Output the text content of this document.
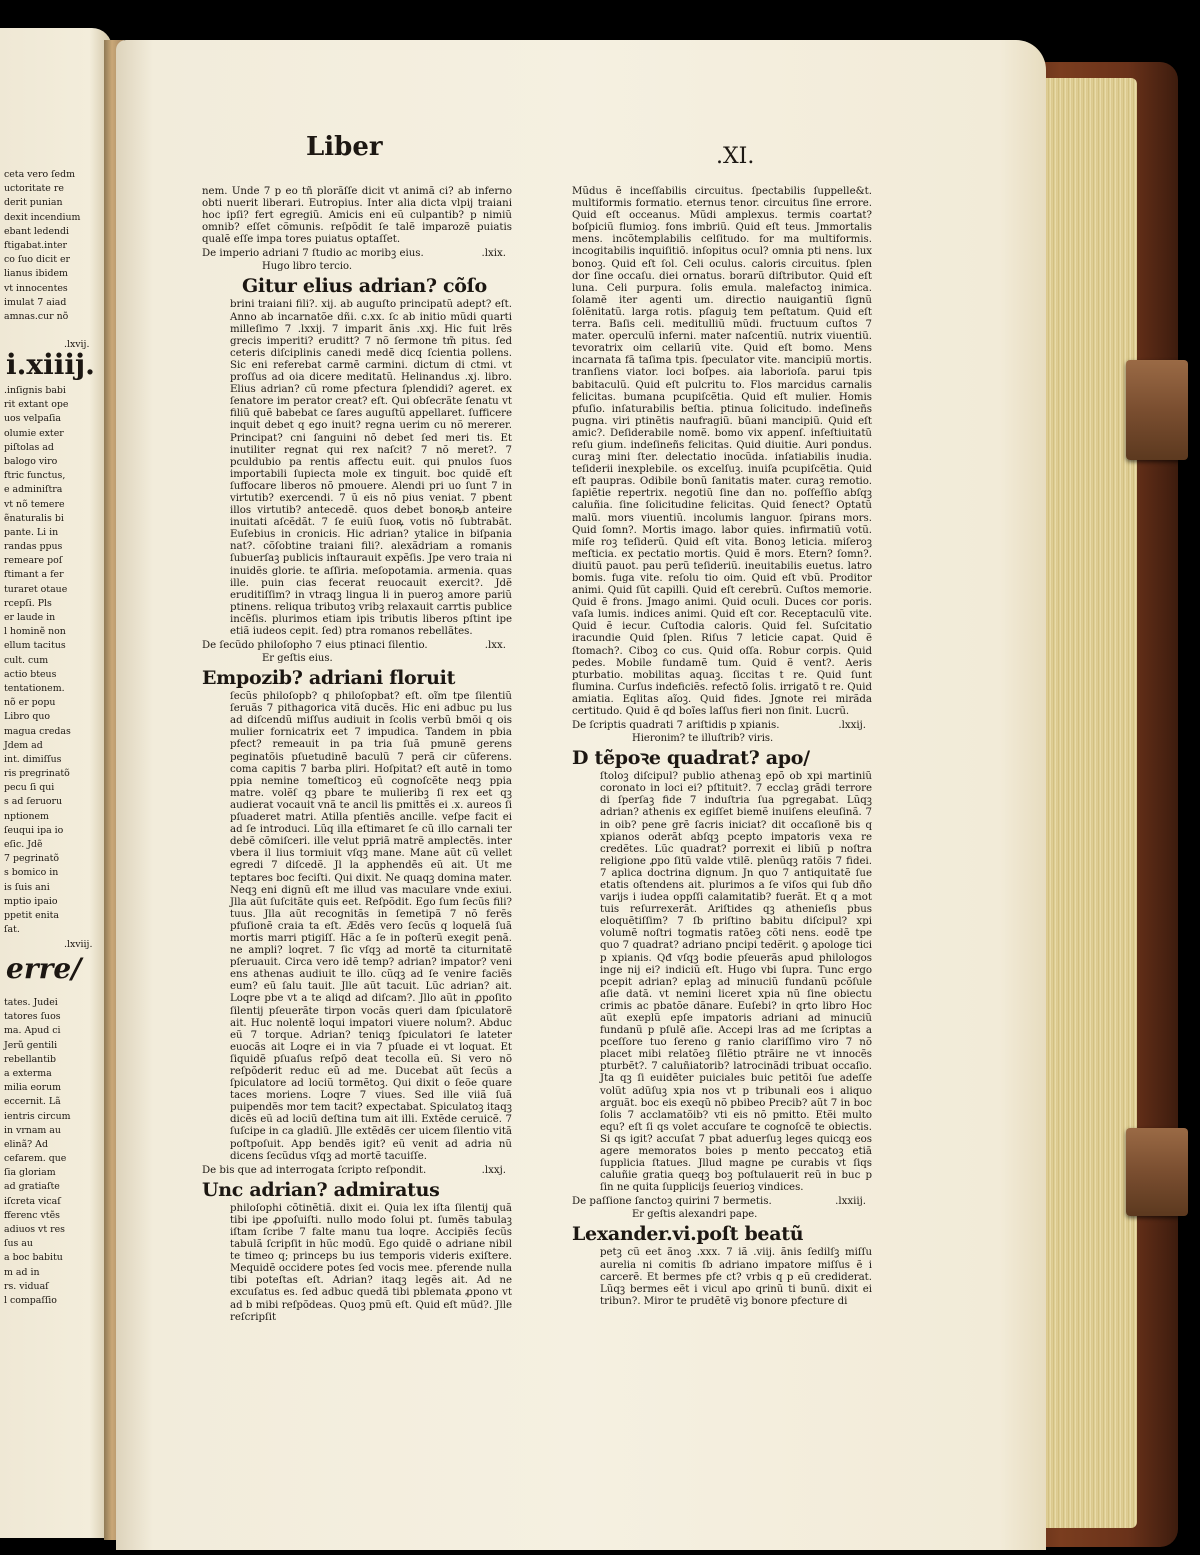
ceta vero ſedm
uctoritate re
derit punian
dexit incendium
ebant ledendi
ftigabat.inter
co ſuo dicit er
lianus ibidem
vt innocentes
imulat 7 aiad
amnas.cur nõ
.lxvij.
i.xiiij.
.inſignis babi
rit extant ope
uos velpaſia
olumie exter
piſtolas ad
balogo viro
ftric functus,
e adminiſtra
vt nõ temere
ẽnaturalis bi
pante. Li in
randas ppus
remeare poſ
ftimant a fer
turaret otaue
rcepſi. Pls
er laude in
l hominẽ non
ellum tacitus
cult. cum
actio bteus
tentationem.
nõ er popu
Libro quo
magua credas
Jdem ad
int. dimiſſus
ris pregrinatõ
pecu ſi qui
s ad ſeruoru
nptionem
ſeuqui ipa io
eſic. Jdẽ
7 pegrinatõ
s bomico in
is ſuis ani
mptio ipaio
ppetit enita
ſat.
.lxviij.
erre/
tates. Judei
tatores ſuos
ma. Apud ci
Jerũ gentili
rebellantib
a exterma
milia eorum
eccernit. Lã
ientris circum
in vrnam au
elinã? Ad
cefarem. que
ſia gloriam
ad gratiaſte
iſcreta vicaſ
fferenc vtẽs
adiuos vt res
ſus au
a boc babitu
m ad in
rs. viduaſ
l compaſſio
Liber	.XI.

nem. Unde 7 p eo tñ plorãſſe dicit vt animã ci? ab inferno obti nuerit liberari. Eutropius. Inter alia dicta vlpij traiani hoc ipſi? fert egregiũ. Amicis eni eũ culpantib? p nimiũ omnib? eſſet cõmunis. reſpõdit ſe talẽ imparozẽ puiatis qualẽ eſſe impa tores puiatus optaſſet.

De imperio adriani 7 ſtudio ac moribꝫ eius.	.lxix.
Hugo libro tercio.
Gitur elius adrian? cõſo

brini traiani fili?. xij. ab auguſto principatũ adept? eſt. Anno ab incarnatõe dñi. c.xx. ſc ab initio mũdi quarti milleſimo 7 .lxxij. 7 imparit ãnis .xxj. Hic fuit lrẽs grecis imperiti? eruditt? 7 nõ ſermone tm̃ pitus. ſed ceteris diſciplinis canedi medẽ dicq ſcientia pollens. Sic eni referebat carmẽ carmini. dictum di ctmi. vt proſſus ad oia dicere meditatũ. Helinandus .xj. libro. Elius adrian? cũ rome pfectura ſplendidi? ageret. ex ſenatore im perator creat? eſt. Qui obſecrãte ſenatu vt filiũ quẽ babebat ce ſares auguſtũ appellaret. ſufficere inquit debet q ego inuit? regna uerim cu nõ mererer. Principat? cni ſanguini nõ debet ſed meri tis. Et inutiliter regnat qui rex naſcit? 7 nõ meret?. 7 pculdubio pa rentis affectu euit. qui pnulos ſuos importabili ſupiecta mole ex tinguit. boc quidẽ eſt ſuffocare liberos nõ pmouere. Alendi pri uo ſunt 7 in virtutib? exercendi. 7 ũ eis nõ pius veniat. 7 pbent illos virtutib? antecedẽ. quos debet bonoꝶb anteire inuitati aſcẽdãt. 7 ſe euiũ ſuoꝶ votis nõ ſubtrabãt. Euſebius in cronicis. Hic adrian? ytalice in biſpania nat?. cõſobtine traiani fili?. alexãdriam a romanis ſubuerſaꝫ publicis inſtaurauit expẽſis. Jpe vero traia ni inuidẽs glorie. te aſſiria. meſopotamia. armenia. quas ille. puin cias fecerat reuocauit exercit?. Jdẽ eruditiſſim? in vtraqꝫ lingua li in pueroꝫ amore pariũ ptinens. reliqua tributoꝫ vribꝫ relaxauit carrtis publice incẽſis. plurimos etiam ipis tributis liberos pſtint ipe etiã iudeos cepit. ſed) ptra romanos rebellãtes.

De ſecũdo philoſopho 7 eius ptinaci ſilentio.	.lxx.
Er geſtis eius.
Empozib? adriani floruit

ſecũs philoſopb? q philoſopbat? eſt. oĩm tpe ſilentiũ ſeruãs 7 pithagorica vitã ducẽs. Hic eni adbuc pu lus ad diſcendũ miſſus audiuit in ſcolis verbũ bmõi q ois mulier fornicatrix eet 7 impudica. Tandem in pbia pfect? remeauit in pa tria ſuã pmunẽ gerens peginatõis pſuetudinẽ baculũ 7 perã cir cũferens. coma capitis 7 barba pliri. Hoſpitat? eſt autẽ in tomo ppia nemine tomeſticoꝫ eũ cognoſcẽte neqꝫ ppia matre. volẽſ qꝫ pbare te mulieribꝫ ſi rex eet qꝫ audierat vocauit vnã te ancil lis pmittẽs ei .x. aureos ſi pſuaderet matri. Atilla pſentiẽs ancille. veſpe facit ei ad ſe introduci. Lũq illa eſtimaret ſe cũ illo carnali ter debẽ cõmiſceri. ille velut ppriã matrẽ amplectẽs. inter vbera il lius tormiuit vſqꝫ mane. Mane aũt cũ vellet egredi 7 diſcedẽ. Jl la apphendẽs eũ ait. Ut me teptares boc feciſti. Qui dixit. Ne quaqꝫ domina mater. Neqꝫ eni dignũ eſt me illud vas maculare vnde exiui. Jlla aũt ſuſcitãte quis eet. Reſpõdit. Ego ſum ſecũs fili? tuus. Jlla aũt recognitãs in ſemetipã 7 nõ ferẽs pfuſionẽ craia ta eſt. Ædẽs vero ſecũs q loquelã ſuã mortis marri ptigiſſ. Hãc a ſe in poſterũ exegit penã. ne ampli? loqret. 7 ſic vſqꝫ ad mortẽ ta citurnitatẽ pſeruauit. Circa vero idẽ temp? adrian? impator? veni ens athenas audiuit te illo. cũqꝫ ad ſe venire faciẽs eum? eũ ſalu tauit. Jlle aũt tacuit. Lũc adrian? ait. Loqre pbe vt a te aliqd ad diſcam?. Jllo aũt in ꝓpoſito ſilentij pſeuerãte tirpon vocãs queri dam ſpiculatorẽ ait. Huc nolentẽ loqui impatori viuere nolum?. Abduc eũ 7 torque. Adrian? teniqꝫ ſpiculatori ſe lateter euocãs ait Loqre ei in via 7 pſuade ei vt loquat. Et ſiquidẽ pſuaſus reſpõ deat tecolla eũ. Si vero nõ reſpõderit reduc eũ ad me. Ducebat aũt ſecũs a ſpiculatore ad lociũ tormẽtoꝫ. Qui dixit o ſeõe quare taces moriens. Loqre 7 viues. Sed ille viiã ſuã puipendẽs mor tem tacit? expectabat. Spiculatoꝫ itaqꝫ dicẽs eũ ad lociũ deſtina tum ait illi. Extẽde ceruicẽ. 7 ſuſcipe in ca gladiũ. Jlle extẽdẽs cer uicem ſilentio vitã poſtpoſuit. App bendẽs igit? eũ venit ad adria nũ dicens ſecũdus vſqꝫ ad mortẽ tacuiſſe.

De bis que ad interrogata ſcripto reſpondit.	.lxxj.
Unc adrian? admiratus

philoſophi cõtinẽtiã. dixit ei. Quia lex iſta ſilentij quã tibi ipe ꝓpoſuiſti. nullo modo ſolui pt. ſumẽs tabulaꝫ iſtam ſcribe 7 falte manu tua loqre. Accipiẽs ſecũs tabulã ſcripſit in hũc modũ. Ego quidẽ o adriane nibil te timeo q; princeps bu ius temporis videris exiſtere. Mequidẽ occidere potes ſed vocis mee. pferende nulla tibi poteſtas eſt. Adrian? itaqꝫ legẽs ait. Ad ne excuſatus es. ſed adbuc quedã tibi pblemata ꝓpono vt ad b mibi reſpõdeas. Quoꝫ pmũ eſt. Quid eſt mũd?. Jlle reſcripſit

Mũdus ẽ inceſſabilis circuitus. ſpectabilis ſuppelle&t. multiformis formatio. eternus tenor. circuitus ſine errore. Quid eſt occeanus. Mũdi amplexus. termis coartat? boſpiciũ flumioꝫ. fons imbriũ. Quid eſt teus. Jmmortalis mens. incõtemplabilis celſitudo. for ma multiformis. incogitabilis inquiſitiõ. inſopitus ocul? omnia pti nens. lux bonoꝫ. Quid eſt ſol. Celi oculus. caloris circuitus. ſplen dor ſine occaſu. diei ornatus. borarũ diſtributor. Quid eſt luna. Celi purpura. ſolis emula. malefactoꝫ inimica. ſolamẽ iter agenti um. directio nauigantiũ ſignũ ſolẽnitatũ. larga rotis. pſaguiꝫ tem peſtatum. Quid eſt terra. Baſis celi. meditulliũ mũdi. fructuum cuſtos 7 mater. operculũ inferni. mater naſcentiũ. nutrix viuentiũ. tevoratrix oim cellariũ vite. Quid eſt bomo. Mens incarnata fã taſima tpis. ſpeculator vite. mancipiũ mortis. tranſiens viator. loci boſpes. aia laborioſa. parui tpis babitaculũ. Quid eſt pulcritu to. Flos marcidus carnalis felicitas. bumana pcupiſcẽtia. Quid eſt mulier. Homis pfuſio. inſaturabilis beſtia. ptinua ſolicitudo. indeſineñs pugna. viri ptinẽtis naufragiũ. bũani mancipiũ. Quid eſt amic?. Deſiderabile nomẽ. bomo vix appenſ. inſeſtiuitatũ reſu gium. indeſineñs felicitas. Quid diuitie. Auri pondus. curaꝫ mini ſter. delectatio inocũda. inſatiabilis inudia. teſiderii inexplebile. os excelſuꝫ. inuiſa pcupiſcẽtia. Quid eſt paupras. Odibile bonũ ſanitatis mater. curaꝫ remotio. ſapiẽtie repertrix. negotiũ ſine dan no. poſſeſſio abſqꝫ caluñia. ſine ſolicitudine felicitas. Quid ſenect? Optatũ malũ. mors viuentiũ. incolumis languor. ſpirans mors. Quid ſomn?. Mortis imago. labor quies. infirmatiũ votũ. miſe roꝫ teſiderũ. Quid eſt vita. Bonoꝫ leticia. miſeroꝫ meſticia. ex pectatio mortis. Quid ẽ mors. Etern? ſomn?. diuitũ pauot. pau perũ teſideriũ. ineuitabilis euetus. latro bomis. fuga vite. reſolu tio oim. Quid eſt vbũ. Proditor animi. Quid ſũt capilli. Quid eſt cerebrũ. Cuſtos memorie. Quid ẽ frons. Jmago animi. Quid oculi. Duces cor poris. vaſa lumis. indices animi. Quid eſt cor. Receptaculũ vite. Quid ẽ iecur. Cuſtodia caloris. Quid fel. Suſcitatio iracundie Quid ſplen. Riſus 7 leticie capat. Quid ẽ ſtomach?. Ciboꝫ co cus. Quid oſſa. Robur corpis. Quid pedes. Mobile fundamẽ tum. Quid ẽ vent?. Aeris pturbatio. mobilitas aquaꝫ. ſiccitas t re. Quid ſunt flumina. Curſus indeficiẽs. refectõ ſolis. irrigatõ t re. Quid amiatia. Eqlitas aĩoꝫ. Quid fides. Jgnote rei mirãda certitudo. Quid ẽ qd boĩes laſſus fieri non ſinit. Lucrũ.

De ſcriptis quadrati 7 ariſtidis p xpianis.	.lxxij.
Hieronim? te illuſtrib? viris.
D tẽpoꝛe quadrat? apo/

ſtoloꝫ diſcipul? publio athenaꝫ epõ ob xpi martiniũ coronato in loci ei? pſtituit?. 7 ecclaꝫ grãdi terrore di ſperſaꝫ fide 7 induſtria ſua pgregabat. Lũqꝫ adrian? athenis ex egiſſet biemẽ inuiſens eleuſinã. 7 in oib? pene grẽ ſacris iniciat? dit occaſionẽ bis q xpianos oderãt abſqꝫ pcepto impatoris vexa re credẽtes. Lũc quadrat? porrexit ei libiũ p noſtra religione ꝓpo ſitũ valde vtilẽ. plenũqꝫ ratõis 7 fidei. 7 aplica doctrina dignum. Jn quo 7 antiquitatẽ ſue etatis oſtendens ait. plurimos a ſe viſos qui ſub dño varijs i iudea oppſſi calamitatib? fuerãt. Et q a mot tuis reſurrexerãt. Ariſtides qꝫ athenieſis pbus eloquẽtiſſim? 7 ſb priſtino babitu diſcipul? xpi volumẽ noſtri togmatis ratõeꝫ cõti nens. eodẽ tpe quo 7 quadrat? adriano pncipi tedẽrit. ꝯ apologe tici p xpianis. Qđ vſqꝫ bodie pſeuerãs apud philologos inge nij ei? indiciũ eſt. Hugo vbi ſupra. Tunc ergo pcepit adrian? eplaꝫ ad minuciũ fundanũ pcõſule aſie datã. vt nemini liceret xpia nũ ſine obiectu crimis ac pbatõe dãnare. Euſebi? in qrto libro Hoc aũt exeplũ epſe impatoris adriani ad minuciũ fundanũ p pſulẽ aſie. Accepi lras ad me ſcriptas a pceſſore tuo ſereno g ranio clariſſimo viro 7 nõ placet mibi relatõeꝫ ſilẽtio ptrãire ne vt innocẽs pturbẽt?. 7 caluñiatorib? latrocinãdi tribuat occaſio. Jta qꝫ ſi euidẽter puiciales buic petitõi ſue adeſſe volũt adũſuꝫ xpia nos vt p tribunali eos i aliquo arguãt. boc eis exeqũ nõ pbibeo Precib? aũt 7 in boc ſolis 7 acclamatõib? vti eis nõ pmitto. Etẽi multo equ? eſt ſi qs volet accuſare te cognoſcẽ te obiectis. Si qs igit? accuſat 7 pbat aduerſuꝫ leges quicqꝫ eos agere memoratos boies p mento peccatoꝫ etiã ſupplicia ſtatues. Jllud magne pe curabis vt ſiqs caluñie gratia queqꝫ boꝫ poſtulauerit reũ in buc p ſin ne quita ſupplicijs ſeuerioꝫ vindices.

De paſſione ſanctoꝫ quirini 7 bermetis.	.lxxiij.
Er geſtis alexandri pape.
Lexander.vi.poſt beatũ

petꝫ cũ eet ãnoꝫ .xxx. 7 iã .viij. ãnis ſedilſꝫ miſſu aurelia ni comitis ſb adriano impatore miſſus ẽ i carcerẽ. Et bermes pfe ct? vrbis q p eũ crediderat. Lũqꝫ bermes eẽt i vicul apo qrinũ ti bunũ. dixit ei tribun?. Miror te prudẽtẽ viꝫ bonore pfecture di
